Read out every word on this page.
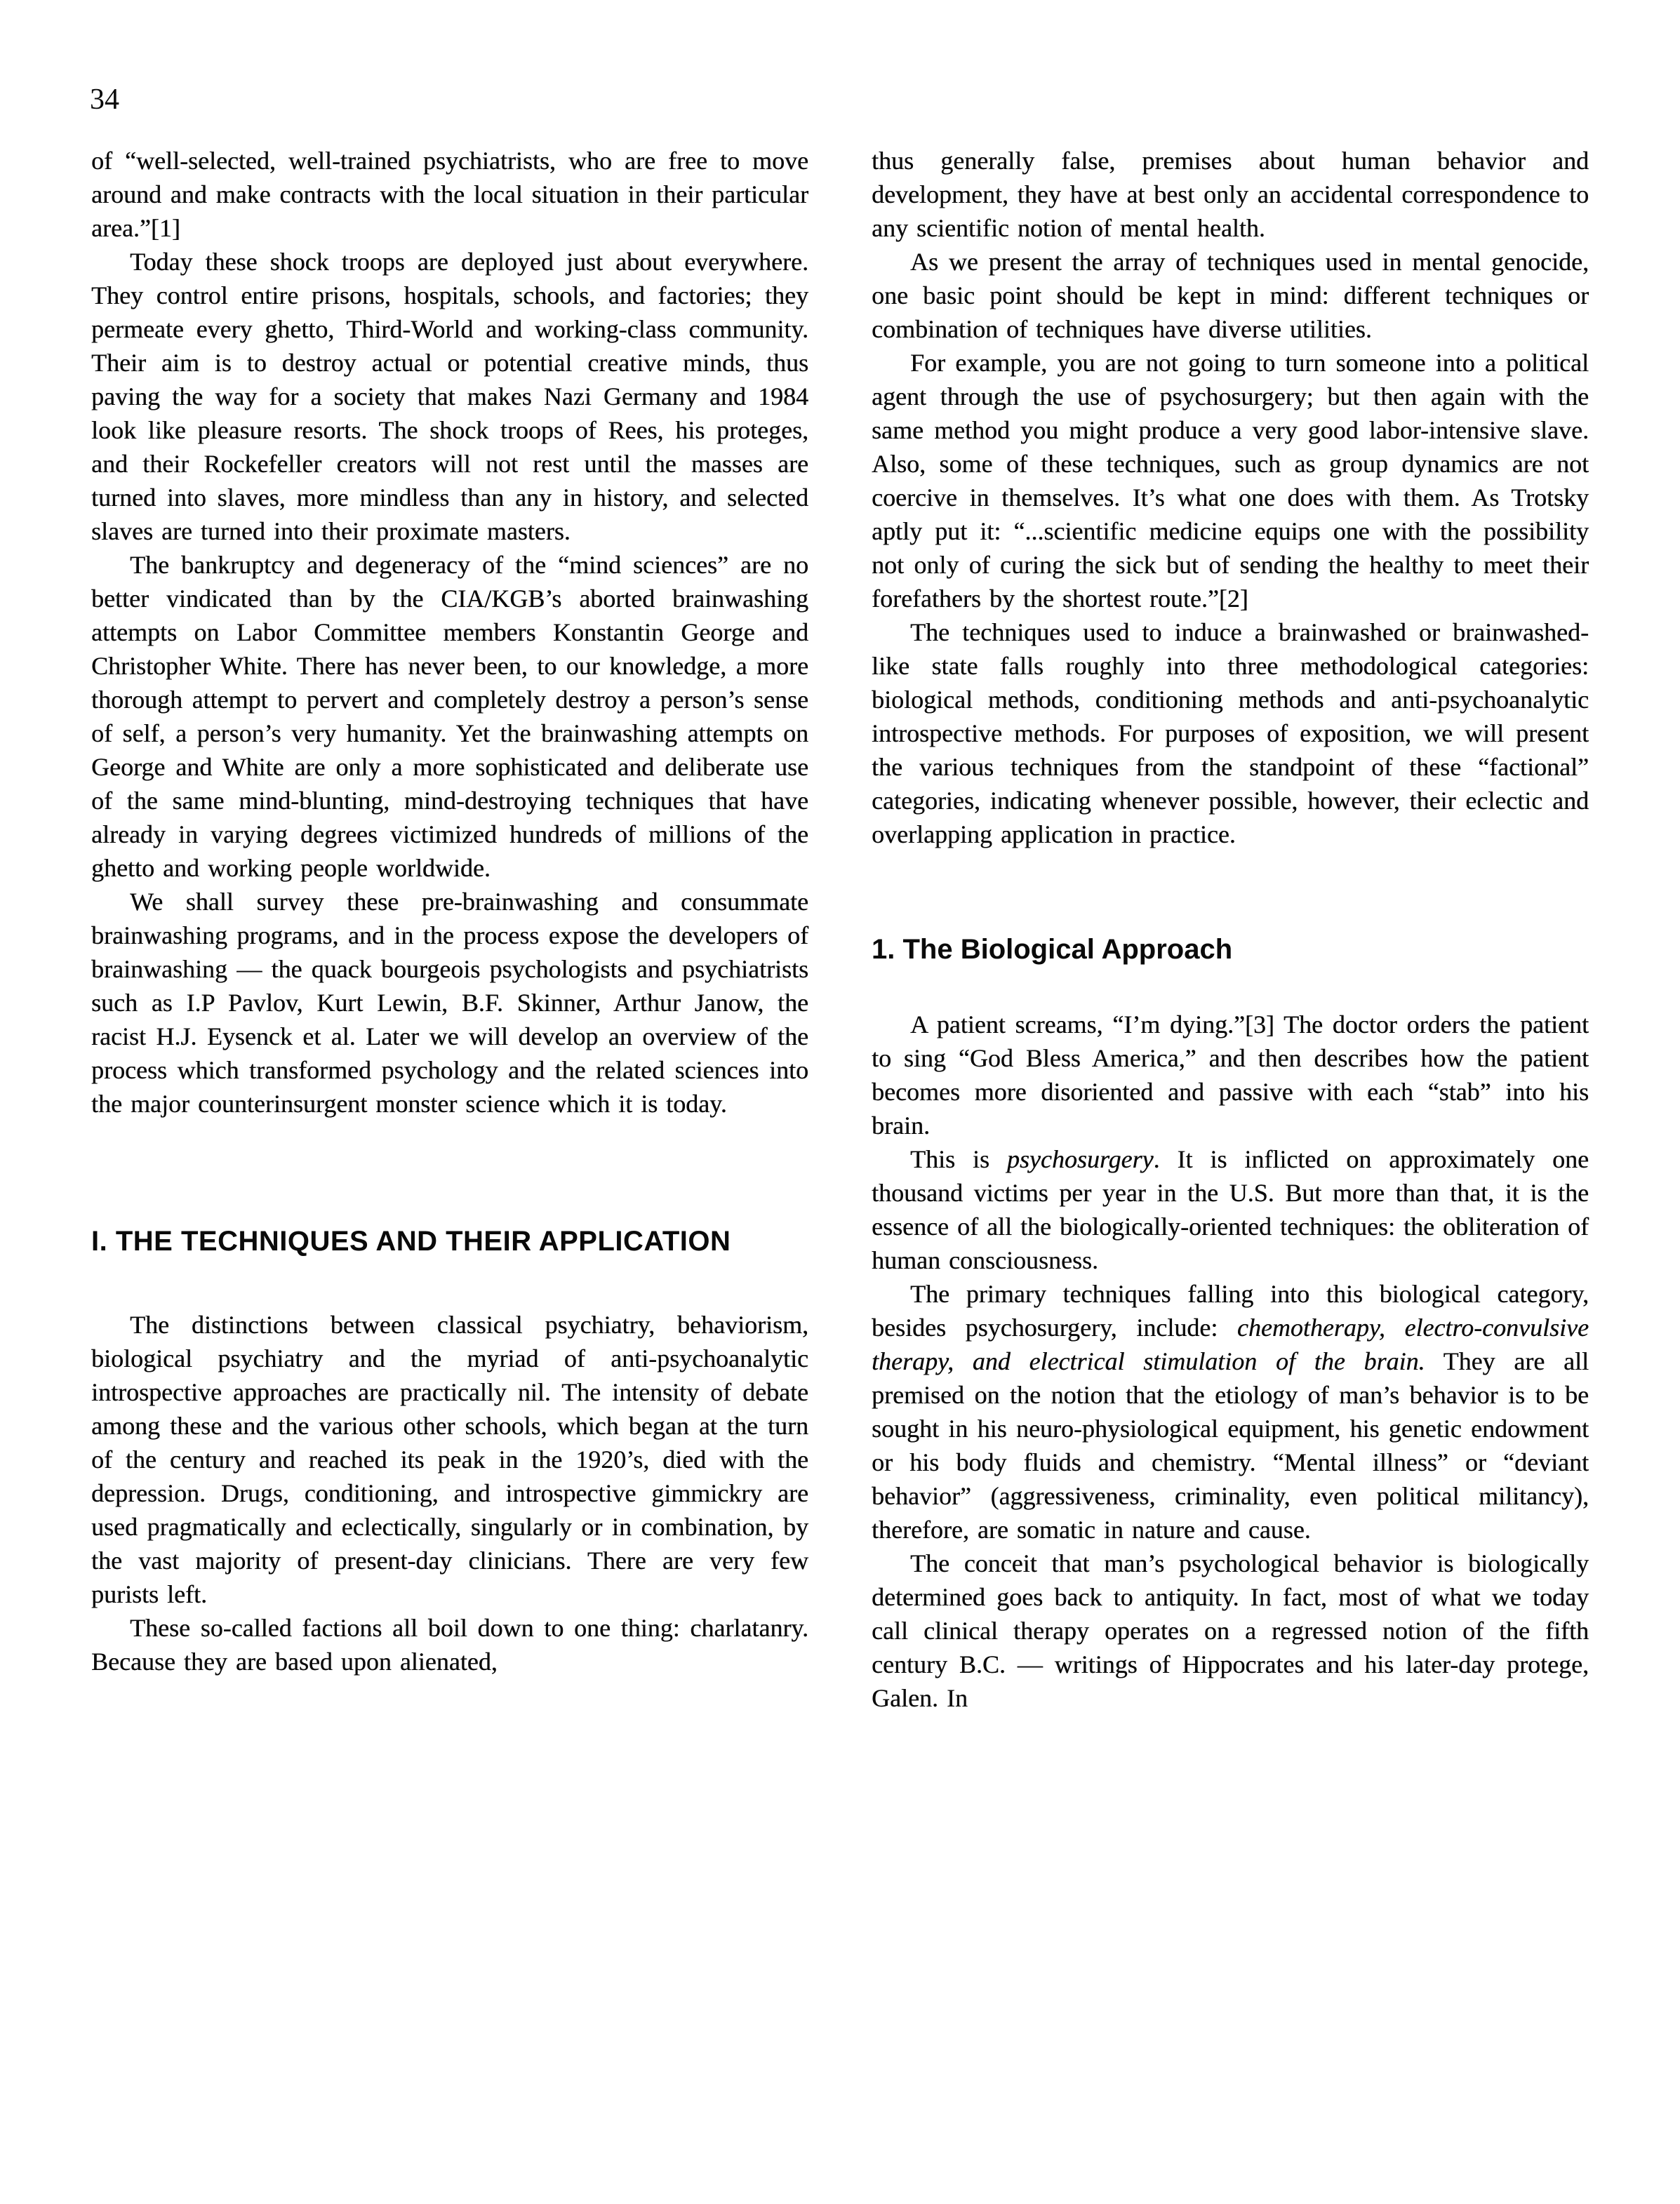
34

of “well-selected, well-trained psychiatrists, who are free to move around and make contracts with the local situation in their particular area.”[1]

Today these shock troops are deployed just about everywhere. They control entire prisons, hospitals, schools, and factories; they permeate every ghetto, Third-World and working-class community. Their aim is to destroy actual or potential creative minds, thus paving the way for a society that makes Nazi Germany and 1984 look like pleasure resorts. The shock troops of Rees, his proteges, and their Rockefeller creators will not rest until the masses are turned into slaves, more mindless than any in history, and selected slaves are turned into their proximate masters.

The bankruptcy and degeneracy of the “mind sciences” are no better vindicated than by the CIA/KGB’s aborted brainwashing attempts on Labor Committee members Konstantin George and Christopher White. There has never been, to our knowledge, a more thorough attempt to pervert and completely destroy a person’s sense of self, a person’s very humanity. Yet the brainwashing attempts on George and White are only a more sophisticated and deliberate use of the same mind-blunting, mind-destroying techniques that have already in varying degrees victimized hundreds of millions of the ghetto and working people worldwide.

We shall survey these pre-brainwashing and consummate brainwashing programs, and in the process expose the developers of brainwashing — the quack bourgeois psychologists and psychiatrists such as I.P Pavlov, Kurt Lewin, B.F. Skinner, Arthur Janow, the racist H.J. Eysenck et al. Later we will develop an overview of the process which transformed psychology and the related sciences into the major counterinsurgent monster science which it is today.

I. THE TECHNIQUES AND THEIR APPLICATION

The distinctions between classical psychiatry, behaviorism, biological psychiatry and the myriad of anti-psychoanalytic introspective approaches are practically nil. The intensity of debate among these and the various other schools, which began at the turn of the century and reached its peak in the 1920’s, died with the depression. Drugs, conditioning, and introspective gimmickry are used pragmatically and eclectically, singularly or in combination, by the vast majority of present-day clinicians. There are very few purists left.

These so-called factions all boil down to one thing: charlatanry. Because they are based upon alienated,

thus generally false, premises about human behavior and development, they have at best only an accidental correspondence to any scientific notion of mental health.

As we present the array of techniques used in mental genocide, one basic point should be kept in mind: different techniques or combination of techniques have diverse utilities.

For example, you are not going to turn someone into a political agent through the use of psychosurgery; but then again with the same method you might produce a very good labor-intensive slave. Also, some of these techniques, such as group dynamics are not coercive in themselves. It’s what one does with them. As Trotsky aptly put it: “...scientific medicine equips one with the possibility not only of curing the sick but of sending the healthy to meet their forefathers by the shortest route.”[2]

The techniques used to induce a brainwashed or brainwashed-like state falls roughly into three methodological categories: biological methods, conditioning methods and anti-psychoanalytic introspective methods. For purposes of exposition, we will present the various techniques from the standpoint of these “factional” categories, indicating whenever possible, however, their eclectic and overlapping application in practice.

1. The Biological Approach

A patient screams, “I’m dying.”[3] The doctor orders the patient to sing “God Bless America,” and then describes how the patient becomes more disoriented and passive with each “stab” into his brain.

This is psychosurgery. It is inflicted on approximately one thousand victims per year in the U.S. But more than that, it is the essence of all the biologically-oriented techniques: the obliteration of human consciousness.

The primary techniques falling into this biological category, besides psychosurgery, include: chemotherapy, electro-convulsive therapy, and electrical stimulation of the brain. They are all premised on the notion that the etiology of man’s behavior is to be sought in his neuro-physiological equipment, his genetic endowment or his body fluids and chemistry. “Mental illness” or “deviant behavior” (aggressiveness, criminality, even political militancy), therefore, are somatic in nature and cause.

The conceit that man’s psychological behavior is biologically determined goes back to antiquity. In fact, most of what we today call clinical therapy operates on a regressed notion of the fifth century B.C. — writings of Hippocrates and his later-day protege, Galen. In
